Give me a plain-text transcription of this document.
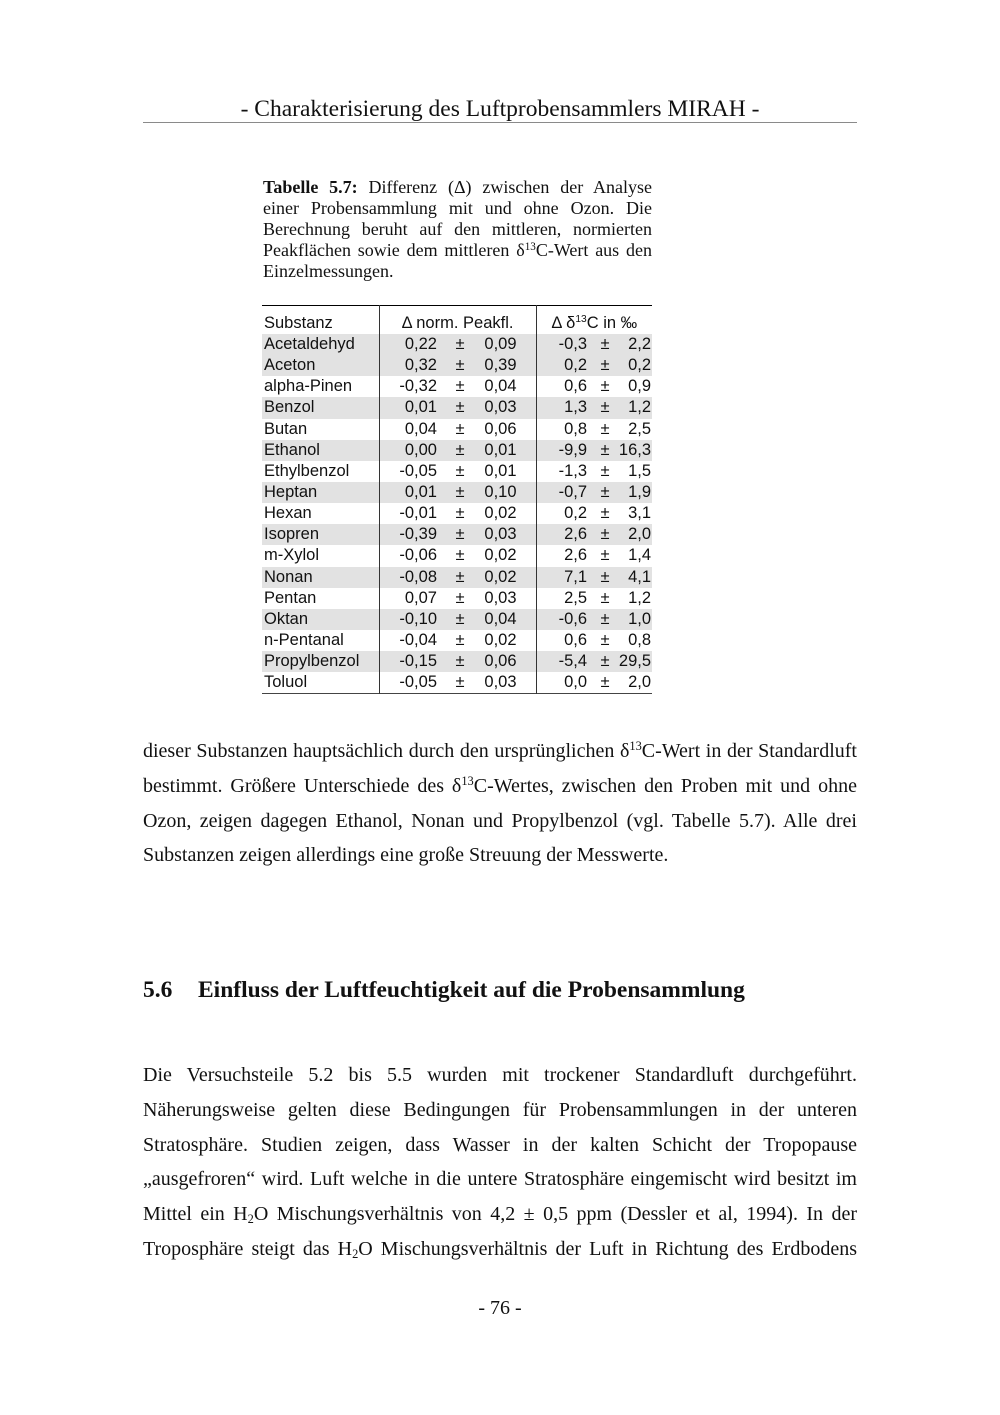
- Charakterisierung des Luftprobensammlers MIRAH -
Tabelle 5.7: Differenz (Δ) zwischen der Analyse
einer Probensammlung mit und ohne Ozon. Die
Berechnung beruht auf den mittleren, normierten
Peakflächen sowie dem mittleren $\delta^{13}C$-Wert aus den
Einzelmessungen.
Substanz	Δ norm. Peakfl.			Δ $\delta^{13}C$ in ‰		
Acetaldehyd	0,22	±	0,09	-0,3	±	2,2
Aceton	0,32	±	0,39	0,2	±	0,2
alpha-Pinen	-0,32	±	0,04	0,6	±	0,9
Benzol	0,01	±	0,03	1,3	±	1,2
Butan	0,04	±	0,06	0,8	±	2,5
Ethanol	0,00	±	0,01	-9,9	±	16,3
Ethylbenzol	-0,05	±	0,01	-1,3	±	1,5
Heptan	0,01	±	0,10	-0,7	±	1,9
Hexan	-0,01	±	0,02	0,2	±	3,1
Isopren	-0,39	±	0,03	2,6	±	2,0
m-Xylol	-0,06	±	0,02	2,6	±	1,4
Nonan	-0,08	±	0,02	7,1	±	4,1
Pentan	0,07	±	0,03	2,5	±	1,2
Oktan	-0,10	±	0,04	-0,6	±	1,0
n-Pentanal	-0,04	±	0,02	0,6	±	0,8
Propylbenzol	-0,15	±	0,06	-5,4	±	29,5
Toluol	-0,05	±	0,03	0,0	±	2,0
dieser Substanzen hauptsächlich durch den ursprünglichen $\delta^{13}C$-Wert in der Standardluft
bestimmt. Größere Unterschiede des $\delta^{13}C$-Wertes, zwischen den Proben mit und ohne
Ozon, zeigen dagegen Ethanol, Nonan und Propylbenzol (vgl. Tabelle 5.7). Alle drei
Substanzen zeigen allerdings eine große Streuung der Messwerte.
5.6 Einfluss der Luftfeuchtigkeit auf die Probensammlung
Die Versuchsteile 5.2 bis 5.5 wurden mit trockener Standardluft durchgeführt.
Näherungsweise gelten diese Bedingungen für Probensammlungen in der unteren
Stratosphäre. Studien zeigen, dass Wasser in der kalten Schicht der Tropopause
„ausgefroren“ wird. Luft welche in die untere Stratosphäre eingemischt wird besitzt im
Mittel ein H2O Mischungsverhältnis von 4,2 ± 0,5 ppm (Dessler et al, 1994). In der
Troposphäre steigt das H2O Mischungsverhältnis der Luft in Richtung des Erdbodens
- 76 -
